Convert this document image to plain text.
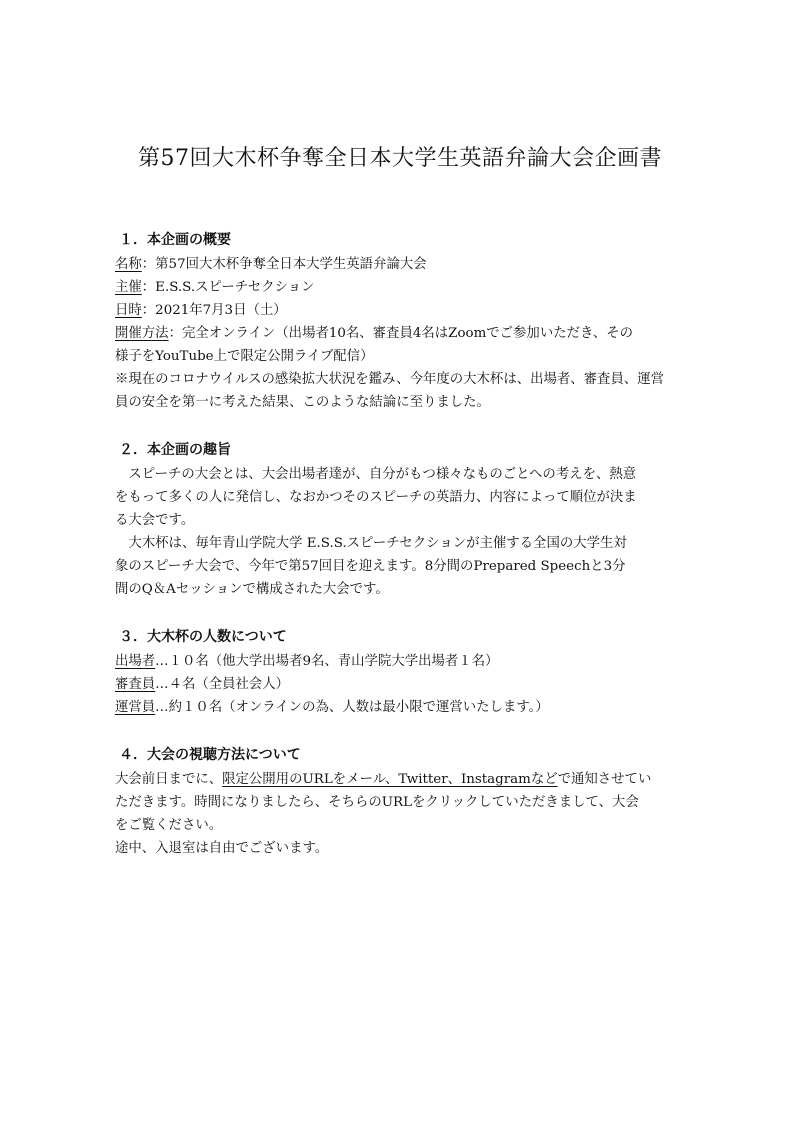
第57回大木杯争奪全日本大学生英語弁論大会企画書
１．本企画の概要
名称：第57回大木杯争奪全日本大学生英語弁論大会
主催：E.S.S.スピーチセクション
日時：2021年7月3日（土）
開催方法：完全オンライン（出場者10名、審査員4名はZoomでご参加いただき、その
様子をYouTube上で限定公開ライブ配信）
※現在のコロナウイルスの感染拡大状況を鑑み、今年度の大木杯は、出場者、審査員、運営
員の安全を第一に考えた結果、このような結論に至りました。
２．本企画の趣旨
スピーチの大会とは、大会出場者達が、自分がもつ様々なものごとへの考えを、熱意
をもって多くの人に発信し、なおかつそのスピーチの英語力、内容によって順位が決ま
る大会です。
大木杯は、毎年青山学院大学 E.S.S.スピーチセクションが主催する全国の大学生対
象のスピーチ大会で、今年で第57回目を迎えます。8分間のPrepared Speechと3分
間のQ＆Aセッションで構成された大会です。
３．大木杯の人数について
出場者…１０名（他大学出場者9名、青山学院大学出場者１名）
審査員…４名（全員社会人）
運営員…約１０名（オンラインの為、人数は最小限で運営いたします。）
４．大会の視聴方法について
大会前日までに、限定公開用のURLをメール、Twitter、Instagramなどで通知させてい
ただきます。時間になりましたら、そちらのURLをクリックしていただきまして、大会
をご覧ください。
途中、入退室は自由でございます。
